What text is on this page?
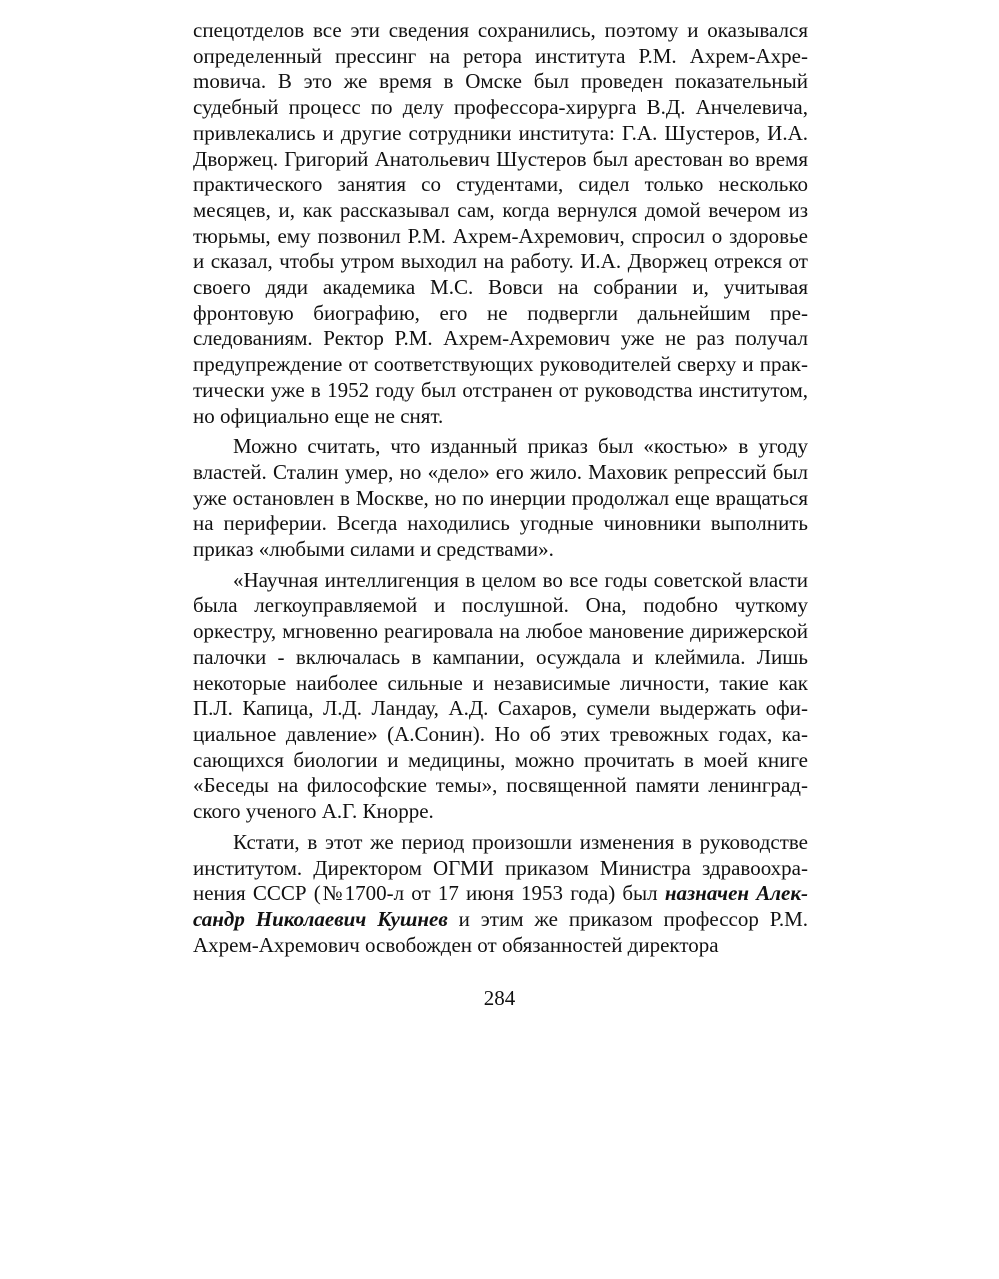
спецотделов все эти сведения сохранились, поэтому и оказывался определенный прессинг на ретора института Р.М. Ахрем-Ахреmовича. В это же время в Омске был проведен показательный судебный процесс по делу профессора-хирурга В.Д. Анчелевича, привлекались и другие сотрудники института: Г.А. Шустеров, И.А. Дворжец. Григорий Анатольевич Шустеров был арестован во время практического занятия со студентами, сидел только несколько месяцев, и, как рассказывал сам, когда вернулся домой вечером из тюрьмы, ему позвонил Р.М. Ахрем-Ахремович, спросил о здоровье и сказал, чтобы утром выходил на работу. И.А. Дворжец отрекся от своего дяди академика М.С. Вовси на собрании и, учитывая фронтовую биографию, его не подвергли дальнейшим преследованиям. Ректор Р.М. Ахрем-Ахремович уже не раз получал предупреждение от соответствующих руководителей сверху и практически уже в 1952 году был отстранен от руководства институтом, но официально еще не снят.

Можно считать, что изданный приказ был «костью» в угоду властей. Сталин умер, но «дело» его жило. Маховик репрессий был уже остановлен в Москве, но по инерции продолжал еще вращаться на периферии. Всегда находились угодные чиновники выполнить приказ «любыми силами и средствами».

«Научная интеллигенция в целом во все годы советской власти была легкоуправляемой и послушной. Она, подобно чуткому оркестру, мгновенно реагировала на любое мановение дирижерской палочки - включалась в кампании, осуждала и клеймила. Лишь некоторые наиболее сильные и независимые личности, такие как П.Л. Капица, Л.Д. Ландау, А.Д. Сахаров, сумели выдержать официальное давление» (А.Сонин). Но об этих тревожных годах, касающихся биологии и медицины, можно прочитать в моей книге «Беседы на философские темы», посвященной памяти ленинградского ученого А.Г. Кнорре.

Кстати, в этот же период произошли изменения в руководстве институтом. Директором ОГМИ приказом Министра здравоохранения СССР (№1700-л от 17 июня 1953 года) был назначен Александр Николаевич Кушнев и этим же приказом профессор Р.М. Ахрем-Ахремович освобожден от обязанностей директора

284
